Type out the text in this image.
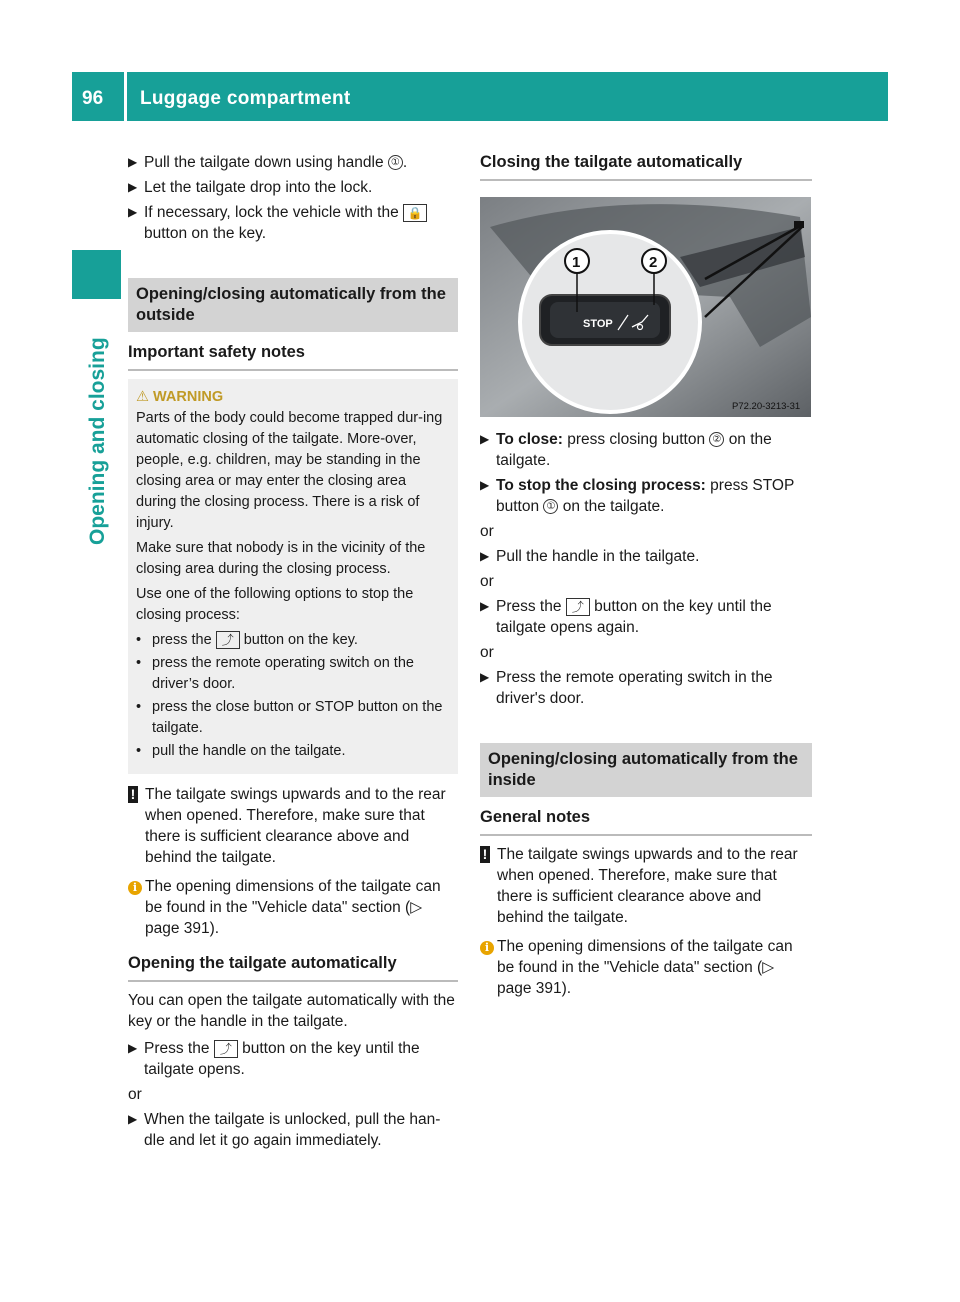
96 Luggage compartment
Opening and closing
▶ Pull the tailgate down using handle ① .
▶ Let the tailgate drop into the lock.
▶ If necessary, lock the vehicle with the 🔒 button on the key.
Opening/closing automatically from the outside
Important safety notes
⚠ WARNING

Parts of the body could become trapped dur-ing automatic closing of the tailgate. More-over, people, e.g. children, may be standing in the closing area or may enter the closing area during the closing process. There is a risk of injury.

Make sure that nobody is in the vicinity of the closing area during the closing process.

Use one of the following options to stop the closing process:

• press the ⤴ button on the key.
• press the remote operating switch on the driver’s door.
• press the close button or STOP button on the tailgate.
• pull the handle on the tailgate.
! The tailgate swings upwards and to the rear when opened. Therefore, make sure that there is sufficient clearance above and behind the tailgate.
i The opening dimensions of the tailgate can be found in the "Vehicle data" section (▷ page 391).
Opening the tailgate automatically
You can open the tailgate automatically with the key or the handle in the tailgate.
▶ Press the ⤴ button on the key until the tailgate opens.
or
▶ When the tailgate is unlocked, pull the han-dle and let it go again immediately.
Closing the tailgate automatically
STOP
1	2
P72.20-3213-31
▶ To close: press closing button ② on the tailgate.
▶ To stop the closing process: press STOP button ① on the tailgate.
or
▶ Pull the handle in the tailgate.
or
▶ Press the ⤴ button on the key until the tailgate opens again.
or
▶ Press the remote operating switch in the driver's door.
Opening/closing automatically from the inside
General notes
! The tailgate swings upwards and to the rear when opened. Therefore, make sure that there is sufficient clearance above and behind the tailgate.
i The opening dimensions of the tailgate can be found in the "Vehicle data" section (▷ page 391).
